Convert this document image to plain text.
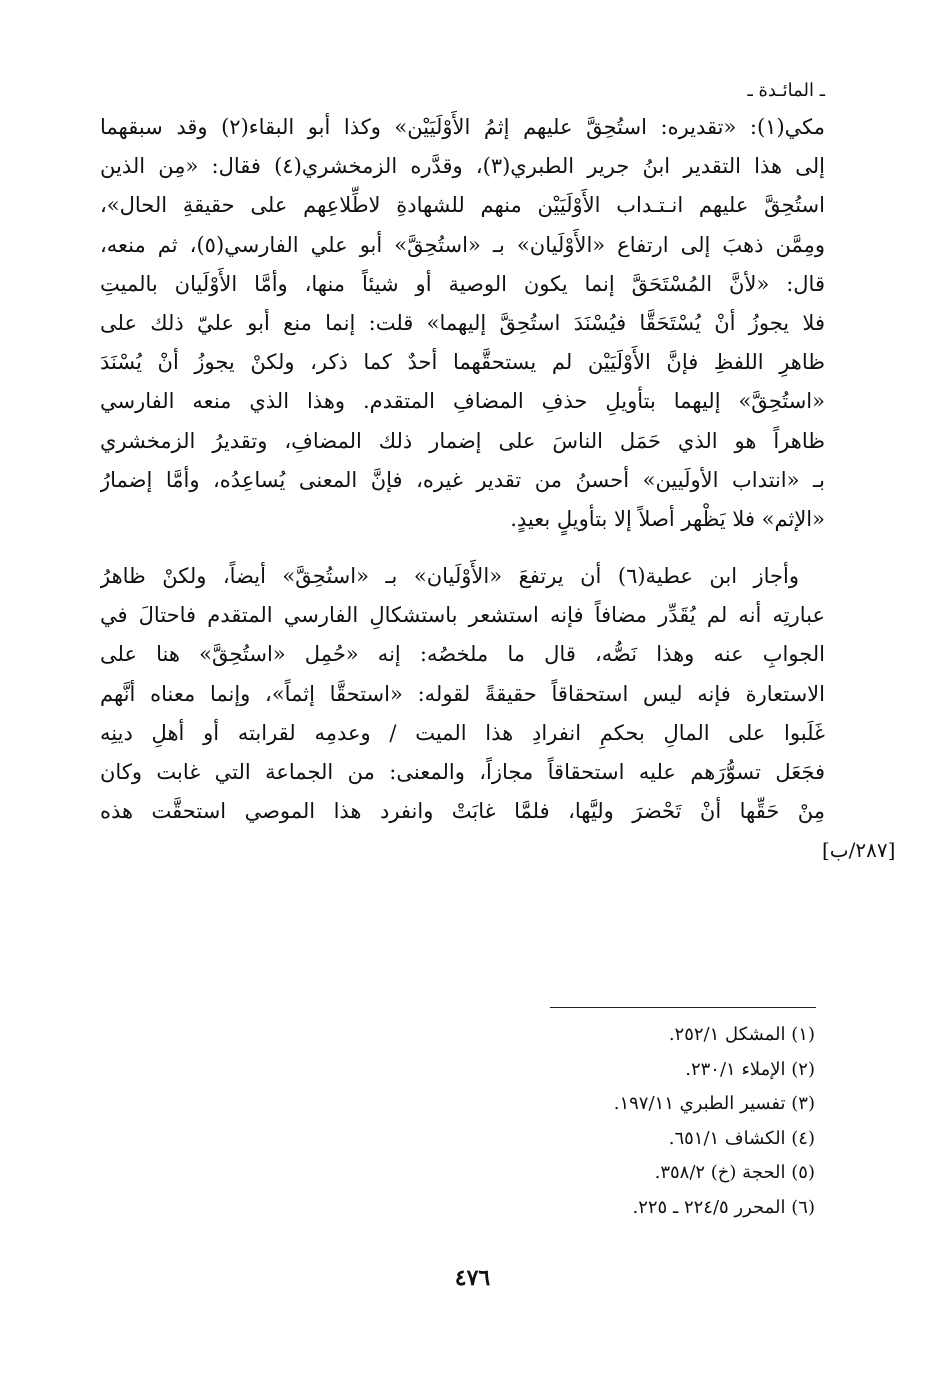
ـ المائـدة ـ
مكي(١): «تقديره: استُحِقَّ عليهم إثمُ الأَوْلَيَيْن» وكذا أبو البقاء(٢) وقد سبقهما
إلى هذا التقدير ابنُ جرير الطبري(٣)، وقدَّره الزمخشري(٤) فقال: «مِن الذين
استُحِقَّ عليهم انـتـداب الأَوْلَيَيْن منهم للشهادةِ لاطِّلاعِهم على حقيقةِ الحال»،
ومِمَّن ذهبَ إلى ارتفاع «الأَوْلَيان» بـ «استُحِقَّ» أبو علي الفارسي(٥)، ثم منعه،
قال: «لأنَّ المُسْتَحَقَّ إنما يكون الوصية أو شيئاً منها، وأمَّا الأَوْلَيان بالميتِ
فلا يجوزُ أنْ يُسْتَحَقَّا فيُسْنَدَ استُحِقَّ إليهما» قلت: إنما منع أبو عليّ ذلك على
ظاهرِ اللفظِ فإنَّ الأَوْلَيَيْن لم يستحقَّهما أحدٌ كما ذكر، ولكنْ يجوزُ أنْ يُسْنَدَ
«استُحِقَّ» إليهما بتأويلِ حذفِ المضافِ المتقدم. وهذا الذي منعه الفارسي
ظاهراً هو الذي حَمَل الناسَ على إضمار ذلك المضافِ، وتقديرُ الزمخشري
بـ «انتداب الأولَيين» أحسنُ من تقدير غيره، فإنَّ المعنى يُساعِدُه، وأمَّا إضمارُ
«الإثم» فلا يَظْهر أصلاً إلا بتأويلٍ بعيدٍ.
وأجاز ابن عطية(٦) أن يرتفعَ «الأَوْلَيان» بـ «استُحِقَّ» أيضاً، ولكنْ ظاهرُ
عبارتِه أنه لم يُقَدِّر مضافاً فإنه استشعر باستشكالِ الفارسي المتقدم فاحتالَ في
الجوابِ عنه وهذا نَصُّه، قال ما ملخصُه: إنه «حُمِل «استُحِقَّ» هنا على
الاستعارة فإنه ليس استحقاقاً حقيقةً لقوله: «استحقَّا إثماً»، وإنما معناه أنَّهم
غَلَبوا على المالِ بحكمِ انفرادِ هذا الميت / وعدمِه لقرابته أو أهلِ دينِه
فجَعَل تسوُّرَهم عليه استحقاقاً مجازاً، والمعنى: من الجماعة التي غابت وكان
مِنْ حَقِّها أنْ تَحْضرَ وليَّها، فلمَّا غابَتْ وانفرد هذا الموصي استحقَّت هذه
[٢٨٧/ب]
(١) المشكل ٢٥٢/١.
(٢) الإملاء ٢٣٠/١.
(٣) تفسير الطبري ١٩٧/١١.
(٤) الكشاف ٦٥١/١.
(٥) الحجة (خ) ٣٥٨/٢.
(٦) المحرر ٢٢٤/٥ ـ ٢٢٥.
٤٧٦
